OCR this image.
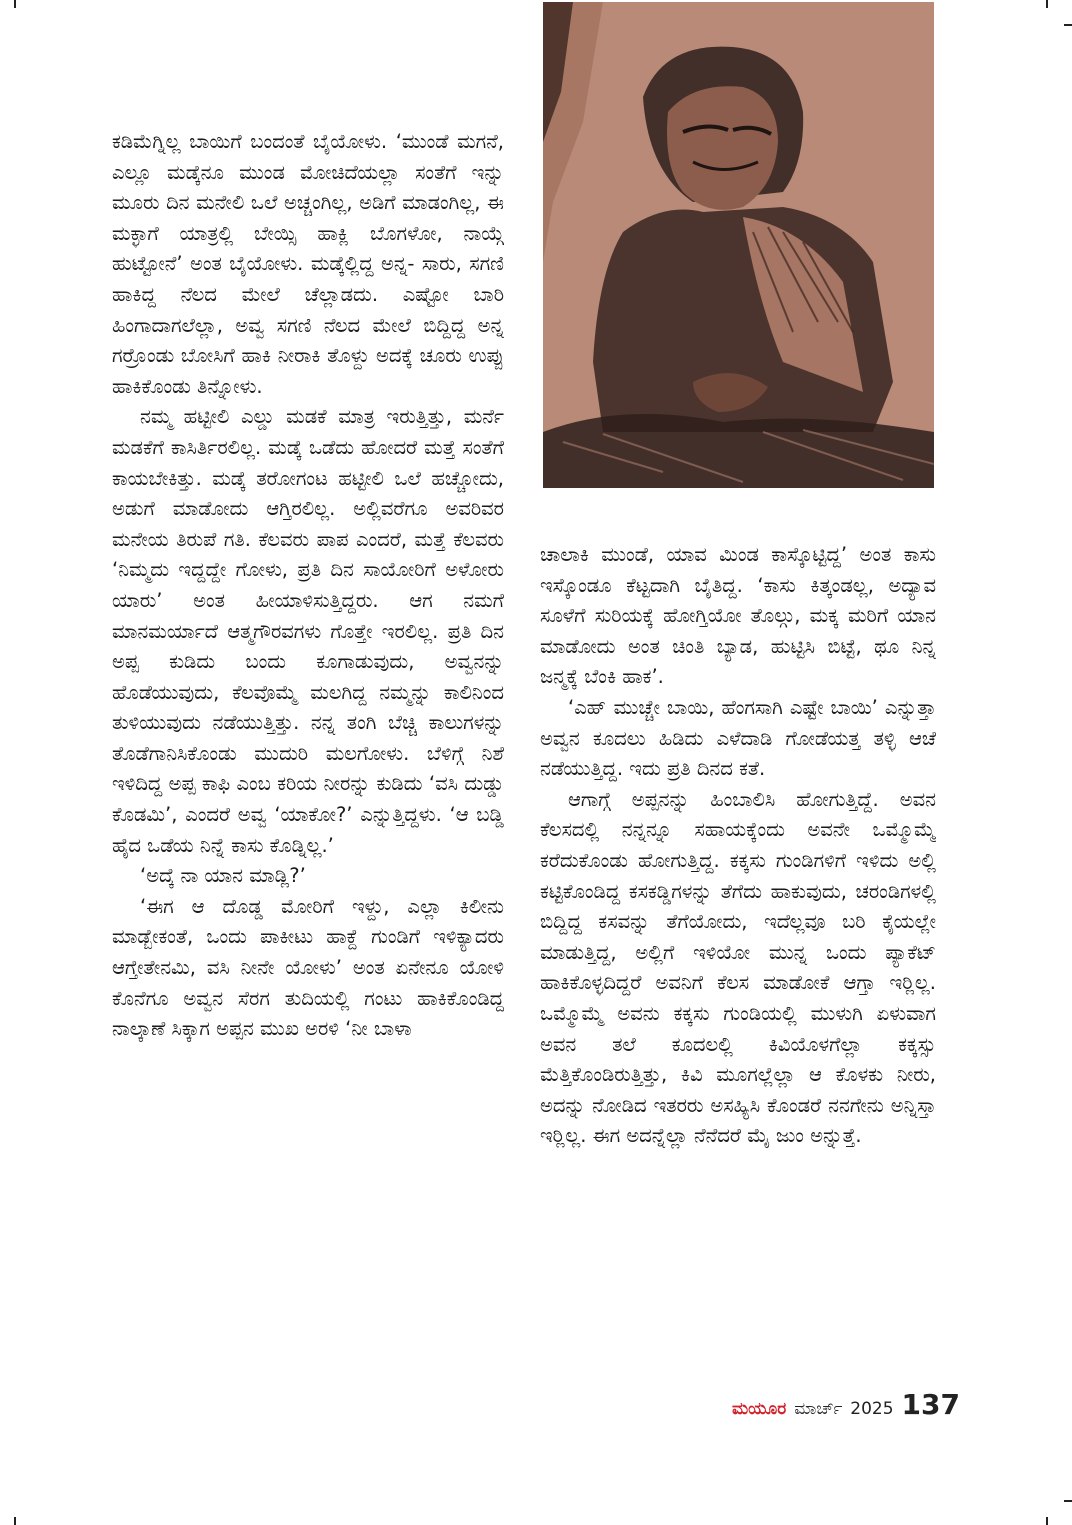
ಕಡಿಮೆಗ್ನಿಲ್ಲ ಬಾಯಿಗೆ ಬಂದಂತೆ ಬೈಯೋಳು. ‘ಮುಂಡೆ ಮಗನೆ, ಎಲ್ಲೂ ಮಡ್ಕೆನೂ ಮುಂಡ ಮೋಚಿದೆಯಲ್ಲಾ ಸಂತೆಗೆ ಇನ್ನು ಮೂರು ದಿನ ಮನೇಲಿ ಒಲೆ ಅಚ್ಚಂಗಿಲ್ಲ, ಅಡಿಗೆ ಮಾಡಂಗಿಲ್ಲ, ಈ ಮಕ್ಳಾಗೆ ಯಾತ್ರಲ್ಲಿ ಬೇಯ್ಸಿ ಹಾಕ್ಲಿ ಬೊಗಳೋ, ನಾಯ್ಗೆ ಹುಟ್ಟೋನೆ’ ಅಂತ ಬೈಯೋಳು. ಮಡ್ಕೆಲ್ಲಿದ್ದ ಅನ್ನ- ಸಾರು, ಸಗಣಿ ಹಾಕಿದ್ದ ನೆಲದ ಮೇಲೆ ಚೆಲ್ಲಾಡದು. ಎಷ್ಟೋ ಬಾರಿ ಹಿಂಗಾದಾಗಲೆಲ್ಲಾ, ಅವ್ವ ಸಗಣಿ ನೆಲದ ಮೇಲೆ ಬಿದ್ದಿದ್ದ ಅನ್ನ ಗರ್ರೊಂಡು ಬೋಸಿಗೆ ಹಾಕಿ ನೀರಾಕಿ ತೊಳ್ದು ಅದಕ್ಕೆ ಚೂರು ಉಪ್ಪು ಹಾಕಿಕೊಂಡು ತಿನ್ನೋಳು.

ನಮ್ಮ ಹಟ್ಟೀಲಿ ಎಲ್ಡು ಮಡಕೆ ಮಾತ್ರ ಇರುತ್ತಿತ್ತು, ಮರ್ನೆ ಮಡಕೆಗೆ ಕಾಸಿರ್ತಿರಲಿಲ್ಲ. ಮಡ್ಕೆ ಒಡೆದು ಹೋದರೆ ಮತ್ತೆ ಸಂತೆಗೆ ಕಾಯಬೇಕಿತ್ತು. ಮಡ್ಕೆ ತರೋಗಂಟ ಹಟ್ಟೀಲಿ ಒಲೆ ಹಚ್ಚೋದು, ಅಡುಗೆ ಮಾಡೋದು ಆಗ್ತಿರಲಿಲ್ಲ. ಅಲ್ಲಿವರೆಗೂ ಅವರಿವರ ಮನೇಯ ತಿರುಪೆ ಗತಿ. ಕೆಲವರು ಪಾಪ ಎಂದರೆ, ಮತ್ತೆ ಕೆಲವರು ‘ನಿಮ್ಮದು ಇದ್ದದ್ದೇ ಗೋಳು, ಪ್ರತಿ ದಿನ ಸಾಯೋರಿಗೆ ಅಳೋರು ಯಾರು’ ಅಂತ ಹೀಯಾಳಿಸುತ್ತಿದ್ದರು. ಆಗ ನಮಗೆ ಮಾನಮರ್ಯಾದೆ ಆತ್ಮಗೌರವಗಳು ಗೊತ್ತೇ ಇರಲಿಲ್ಲ. ಪ್ರತಿ ದಿನ ಅಪ್ಪ ಕುಡಿದು ಬಂದು ಕೂಗಾಡುವುದು, ಅವ್ವನನ್ನು ಹೊಡೆಯುವುದು, ಕೆಲವೊಮ್ಮೆ ಮಲಗಿದ್ದ ನಮ್ಮನ್ನು ಕಾಲಿನಿಂದ ತುಳಿಯುವುದು ನಡೆಯುತ್ತಿತ್ತು. ನನ್ನ ತಂಗಿ ಬೆಚ್ಚಿ ಕಾಲುಗಳನ್ನು ತೊಡೆಗಾನಿಸಿಕೊಂಡು ಮುದುರಿ ಮಲಗೋಳು. ಬೆಳಿಗ್ಗೆ ನಿಶೆ ಇಳಿದಿದ್ದ ಅಪ್ಪ ಕಾಫಿ ಎಂಬ ಕರಿಯ ನೀರನ್ನು ಕುಡಿದು ‘ವಸಿ ದುಡ್ಡು ಕೊಡಮಿ’, ಎಂದರೆ ಅವ್ವ ‘ಯಾಕೋ?’ ಎನ್ನುತ್ತಿದ್ದಳು. ‘ಆ ಬಡ್ಡಿ ಹೈದ ಒಡೆಯ ನಿನ್ನೆ ಕಾಸು ಕೊಡ್ನಿಲ್ಲ.’

‘ಅದ್ಕೆ ನಾ ಯಾನ ಮಾಡ್ಲಿ?’

‘ಈಗ ಆ ದೊಡ್ಡ ಮೋರಿಗೆ ಇಳ್ದು, ಎಲ್ಲಾ ಕಿಲೀನು ಮಾಡ್ಬೇಕಂತೆ, ಒಂದು ಪಾಕೀಟು ಹಾಕ್ದೆ ಗುಂಡಿಗೆ ಇಳಿಕ್ಯಾದರು ಆಗ್ತೇತೇನಮಿ, ವಸಿ ನೀನೇ ಯೋಳು’ ಅಂತ ಏನೇನೂ ಯೋಳಿ ಕೊನೆಗೂ ಅವ್ವನ ಸೆರಗ ತುದಿಯಲ್ಲಿ ಗಂಟು ಹಾಕಿಕೊಂಡಿದ್ದ ನಾಲ್ಕಾಣೆ ಸಿಕ್ಕಾಗ ಅಪ್ಪನ ಮುಖ ಅರಳಿ ‘ನೀ ಬಾಳಾ

ಚಾಲಾಕಿ ಮುಂಡೆ, ಯಾವ ಮಿಂಡ ಕಾಸ್ಕೊಟ್ಟಿದ್ದ’ ಅಂತ ಕಾಸು ಇಸ್ಕೊಂಡೂ ಕೆಟ್ಟದಾಗಿ ಬೈತಿದ್ದ. ‘ಕಾಸು ಕಿತ್ಕಂಡಲ್ಲ, ಅದ್ಯಾವ ಸೂಳೆಗೆ ಸುರಿಯಕ್ಕೆ ಹೋಗ್ತಿಯೋ ತೊಲ್ಗು, ಮಕ್ಕ ಮರಿಗೆ ಯಾನ ಮಾಡೋದು ಅಂತ ಚಿಂತಿ ಬ್ಯಾಡ, ಹುಟ್ಟಿಸಿ ಬಿಟ್ಟೆ, ಥೂ ನಿನ್ನ ಜನ್ಮಕ್ಕೆ ಬೆಂಕಿ ಹಾಕ’.

‘ಎಹ್ ಮುಚ್ಚೇ ಬಾಯಿ, ಹೆಂಗಸಾಗಿ ಎಷ್ಟೇ ಬಾಯಿ’ ಎನ್ನುತ್ತಾ ಅವ್ವನ ಕೂದಲು ಹಿಡಿದು ಎಳೆದಾಡಿ ಗೋಡೆಯತ್ತ ತಳ್ಳಿ ಆಚೆ ನಡೆಯುತ್ತಿದ್ದ. ಇದು ಪ್ರತಿ ದಿನದ ಕತೆ.

ಆಗಾಗ್ಗೆ ಅಪ್ಪನನ್ನು ಹಿಂಬಾಲಿಸಿ ಹೋಗುತ್ತಿದ್ದೆ. ಅವನ ಕೆಲಸದಲ್ಲಿ ನನ್ನನ್ನೂ ಸಹಾಯಕ್ಕೆಂದು ಅವನೇ ಒಮ್ಮೊಮ್ಮೆ ಕರೆದುಕೊಂಡು ಹೋಗುತ್ತಿದ್ದ. ಕಕ್ಕಸು ಗುಂಡಿಗಳಿಗೆ ಇಳಿದು ಅಲ್ಲಿ ಕಟ್ಟಿಕೊಂಡಿದ್ದ ಕಸಕಡ್ಡಿಗಳನ್ನು ತೆಗೆದು ಹಾಕುವುದು, ಚರಂಡಿಗಳಲ್ಲಿ ಬಿದ್ದಿದ್ದ ಕಸವನ್ನು ತೆಗೆಯೋದು, ಇದೆಲ್ಲವೂ ಬರಿ ಕೈಯಲ್ಲೇ ಮಾಡುತ್ತಿದ್ದ, ಅಲ್ಲಿಗೆ ಇಳಿಯೋ ಮುನ್ನ ಒಂದು ಪ್ಯಾಕೆಟ್ ಹಾಕಿಕೊಳ್ಳದಿದ್ದರೆ ಅವನಿಗೆ ಕೆಲಸ ಮಾಡೋಕೆ ಆಗ್ತಾ ಇರ್‍ಲಿಲ್ಲ. ಒಮ್ಮೊಮ್ಮೆ ಅವನು ಕಕ್ಕಸು ಗುಂಡಿಯಲ್ಲಿ ಮುಳುಗಿ ಏಳುವಾಗ ಅವನ ತಲೆ ಕೂದಲಲ್ಲಿ ಕಿವಿಯೊಳಗೆಲ್ಲಾ ಕಕ್ಕಸ್ಸು ಮೆತ್ತಿಕೊಂಡಿರುತ್ತಿತ್ತು, ಕಿವಿ ಮೂಗಲ್ಲೆಲ್ಲಾ ಆ ಕೊಳಕು ನೀರು, ಅದನ್ನು ನೋಡಿದ ಇತರರು ಅಸಹ್ಯಿಸಿ ಕೊಂಡರೆ ನನಗೇನು ಅನ್ನಿಸ್ತಾ ಇರ್‍ಲಿಲ್ಲ. ಈಗ ಅದನ್ನೆಲ್ಲಾ ನೆನೆದರೆ ಮೈ ಜುಂ ಅನ್ನುತ್ತೆ.

ಮಯೂರ ಮಾರ್ಚ್ 2025 137
